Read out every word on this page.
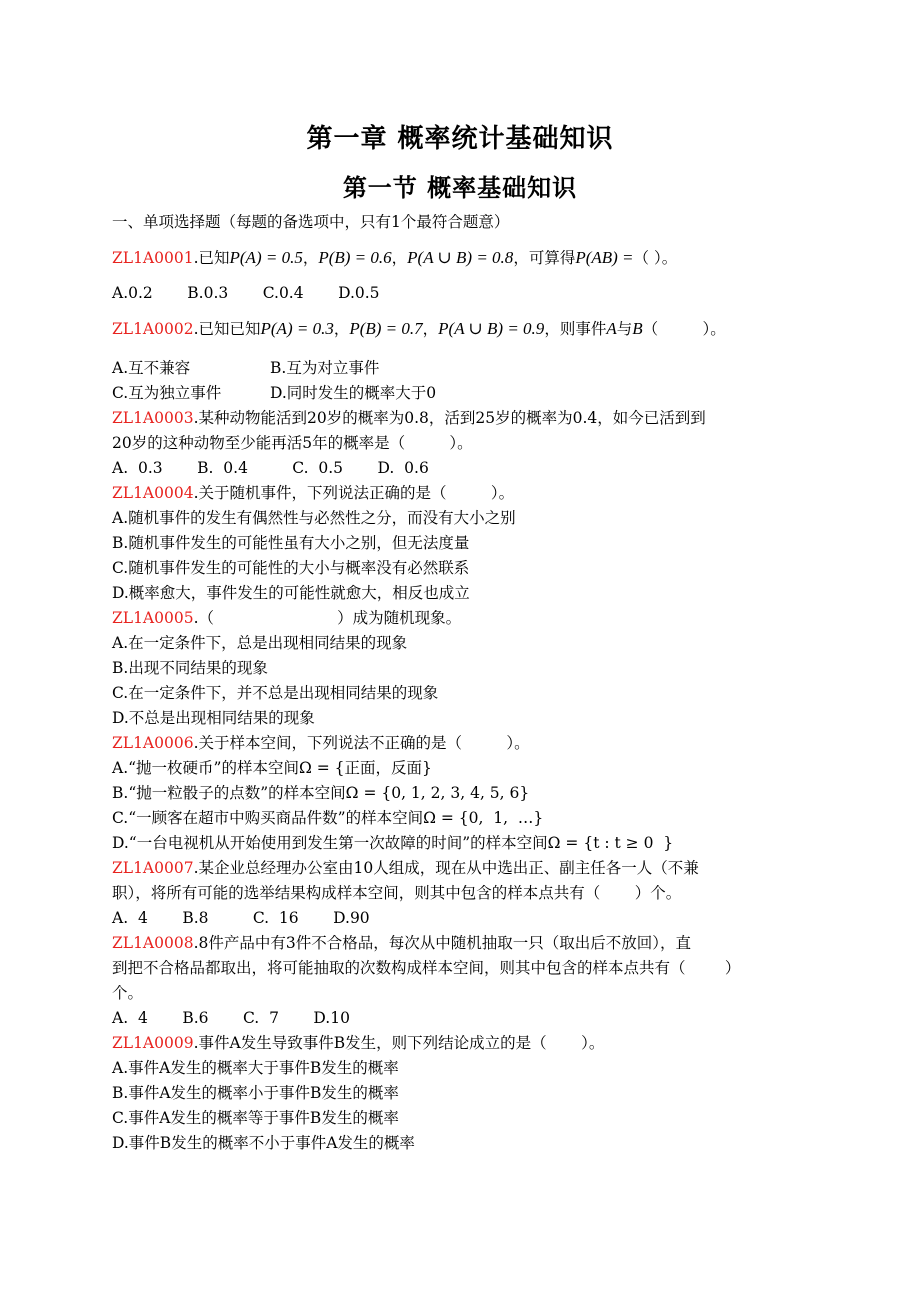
第一章 概率统计基础知识
第一节 概率基础知识

一、单项选择题（每题的备选项中，只有1个最符合题意）

ZL1A0001.已知P(A) = 0.5，P(B) = 0.6，P(A ∪ B) = 0.8，可算得P(AB) =（ ）。

A.0.2       B.0.3       C.0.4       D.0.5

ZL1A0002.已知已知P(A) = 0.3，P(B) = 0.7，P(A ∪ B) = 0.9，则事件A与B（         ）。

A.互不兼容	B.互为对立事件

C.互为独立事件	D.同时发生的概率大于0

ZL1A0003.某种动物能活到20岁的概率为0.8，活到25岁的概率为0.4，如今已活到到

20岁的这种动物至少能再活5年的概率是（         ）。

A.  0.3       B.  0.4         C.  0.5       D.  0.6

ZL1A0004.关于随机事件，下列说法正确的是（         ）。

A.随机事件的发生有偶然性与必然性之分，而没有大小之别

B.随机事件发生的可能性虽有大小之别，但无法度量

C.随机事件发生的可能性的大小与概率没有必然联系

D.概率愈大，事件发生的可能性就愈大，相反也成立

ZL1A0005.（                         ）成为随机现象。

A.在一定条件下，总是出现相同结果的现象

B.出现不同结果的现象

C.在一定条件下，并不总是出现相同结果的现象

D.不总是出现相同结果的现象

ZL1A0006.关于样本空间，下列说法不正确的是（         ）。

A.“抛一枚硬币”的样本空间Ω = {正面，反面}

B.“抛一粒骰子的点数”的样本空间Ω = {0, 1, 2, 3, 4, 5, 6}

C.“一顾客在超市中购买商品件数”的样本空间Ω = {0,  1,  …}

D.“一台电视机从开始使用到发生第一次故障的时间”的样本空间Ω = {t : t ≥ 0  }

ZL1A0007.某企业总经理办公室由10人组成，现在从中选出正、副主任各一人（不兼

职），将所有可能的选举结果构成样本空间，则其中包含的样本点共有（       ）个。

A.  4       B.8         C.  16       D.90

ZL1A0008.8件产品中有3件不合格品，每次从中随机抽取一只（取出后不放回），直

到把不合格品都取出，将可能抽取的次数构成样本空间，则其中包含的样本点共有（        ）

个。

A.  4       B.6       C.  7       D.10

ZL1A0009.事件A发生导致事件B发生，则下列结论成立的是（       ）。

A.事件A发生的概率大于事件B发生的概率

B.事件A发生的概率小于事件B发生的概率

C.事件A发生的概率等于事件B发生的概率

D.事件B发生的概率不小于事件A发生的概率
